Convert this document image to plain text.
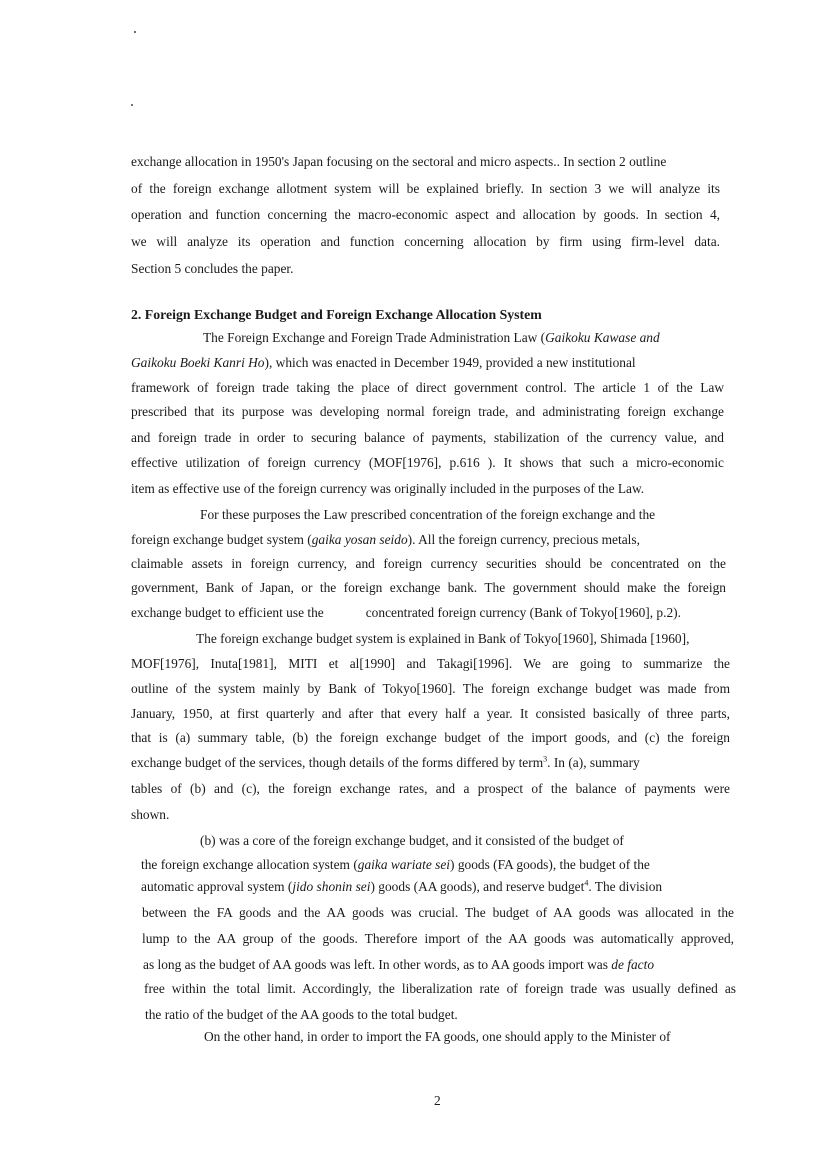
exchange allocation in 1950's Japan focusing on the sectoral and micro aspects.. In section 2 outline
of the foreign exchange allotment system will be explained briefly. In section 3 we will analyze its
operation and function concerning the macro-economic aspect and allocation by goods. In section 4,
we will analyze its operation and function concerning allocation by firm using firm-level data.
Section 5 concludes the paper.
2. Foreign Exchange Budget and Foreign Exchange Allocation System
The Foreign Exchange and Foreign Trade Administration Law (Gaikoku Kawase and
Gaikoku Boeki Kanri Ho), which was enacted in December 1949, provided a new institutional
framework of foreign trade taking the place of direct government control. The article 1 of the Law
prescribed that its purpose was developing normal foreign trade, and administrating foreign exchange
and foreign trade in order to securing balance of payments, stabilization of the currency value, and
effective utilization of foreign currency (MOF[1976], p.616 ). It shows that such a micro-economic
item as effective use of the foreign currency was originally included in the purposes of the Law.
For these purposes the Law prescribed concentration of the foreign exchange and the
foreign exchange budget system (gaika yosan seido). All the foreign currency, precious metals,
claimable assets in foreign currency, and foreign currency securities should be concentrated on the
government, Bank of Japan, or the foreign exchange bank. The government should make the foreign
exchange budget to efficient use the	concentrated foreign currency (Bank of Tokyo[1960], p.2).
The foreign exchange budget system is explained in Bank of Tokyo[1960], Shimada [1960],
MOF[1976], Inuta[1981], MITI et al[1990] and Takagi[1996]. We are going to summarize the
outline of the system mainly by Bank of Tokyo[1960]. The foreign exchange budget was made from
January, 1950, at first quarterly and after that every half a year. It consisted basically of three parts,
that is (a) summary table, (b) the foreign exchange budget of the import goods, and (c) the foreign
exchange budget of the services, though details of the forms differed by term$^3$. In (a), summary
tables of (b) and (c), the foreign exchange rates, and a prospect of the balance of payments were
shown.
(b) was a core of the foreign exchange budget, and it consisted of the budget of
the foreign exchange allocation system (gaika wariate sei) goods (FA goods), the budget of the
automatic approval system (jido shonin sei) goods (AA goods), and reserve budget$^4$. The division
between the FA goods and the AA goods was crucial. The budget of AA goods was allocated in the
lump to the AA group of the goods. Therefore import of the AA goods was automatically approved,
as long as the budget of AA goods was left. In other words, as to AA goods import was de facto
free within the total limit. Accordingly, the liberalization rate of foreign trade was usually defined as
the ratio of the budget of the AA goods to the total budget.
On the other hand, in order to import the FA goods, one should apply to the Minister of
2
